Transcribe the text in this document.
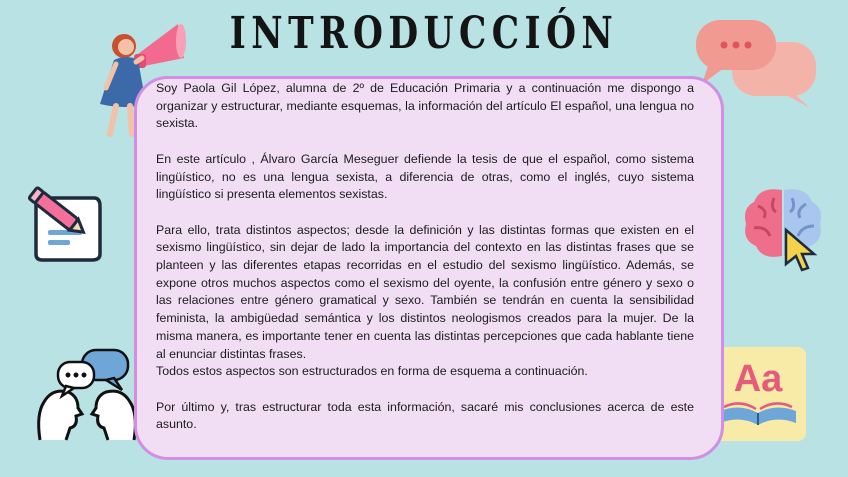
INTRODUCCIÓN
Aa

Soy Paola Gil López, alumna de 2º de Educación Primaria y a continuación me dispongo a organizar y estructurar, mediante esquemas, la información del artículo El español, una lengua no sexista.

En este artículo , Álvaro García Meseguer defiende la tesis de que el español, como sistema lingüístico, no es una lengua sexista, a diferencia de otras, como el inglés, cuyo sistema lingüístico si presenta elementos sexistas.

Para ello, trata distintos aspectos; desde la definición y las distintas formas que existen en el sexismo lingüístico, sin dejar de lado la importancia del contexto en las distintas frases que se planteen y las diferentes etapas recorridas en el estudio del sexismo lingüístico. Además, se expone otros muchos aspectos como el sexismo del oyente, la confusión entre género y sexo o las relaciones entre género gramatical y sexo. También se tendrán en cuenta la sensibilidad feminista, la ambigüedad semántica y los distintos neologismos creados para la mujer. De la misma manera, es importante tener en cuenta las distintas percepciones que cada hablante tiene al enunciar distintas frases.

Todos estos aspectos son estructurados en forma de esquema a continuación.

Por último y, tras estructurar toda esta información, sacaré mis conclusiones acerca de este asunto.
